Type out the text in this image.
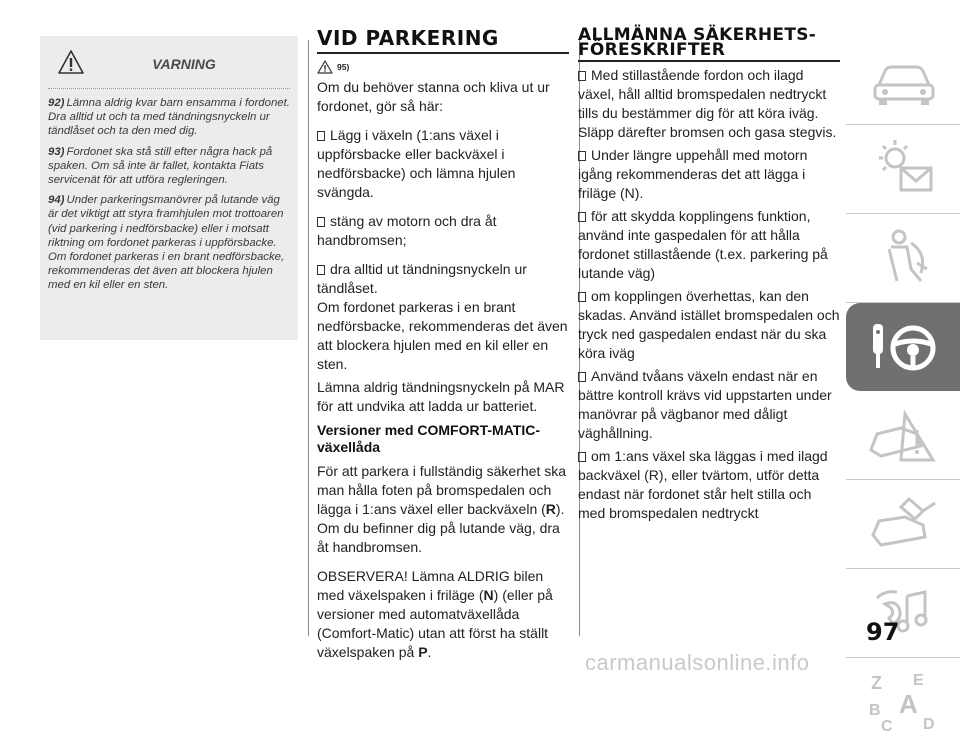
VARNING
92) Lämna aldrig kvar barn ensamma i fordonet. Dra alltid ut och ta med tändningsnyckeln ur tändlåset och ta den med dig.
93) Fordonet ska stå still efter några hack på spaken. Om så inte är fallet, kontakta Fiats servicenät för att utföra regleringen.
94) Under parkeringsmanövrer på lutande väg är det viktigt att styra framhjulen mot trottoaren (vid parkering i nedförsbacke) eller i motsatt riktning om fordonet parkeras i uppförsbacke. Om fordonet parkeras i en brant nedförsbacke, rekommenderas det även att blockera hjulen med en kil eller en sten.
VID PARKERING
95)

Om du behöver stanna och kliva ut ur fordonet, gör så här:

Lägg i växeln (1:ans växel i uppförsbacke eller backväxel i nedförsbacke) och lämna hjulen svängda.

stäng av motorn och dra åt handbromsen;

dra alltid ut tändningsnyckeln ur tändlåset.

Om fordonet parkeras i en brant nedförsbacke, rekommenderas det även att blockera hjulen med en kil eller en sten.

Lämna aldrig tändningsnyckeln på MAR för att undvika att ladda ur batteriet.

Versioner med COMFORT-MATIC-växellåda

För att parkera i fullständig säkerhet ska man hålla foten på bromspedalen och lägga i 1:ans växel eller backväxeln (R). Om du befinner dig på lutande väg, dra åt handbromsen.

OBSERVERA! Lämna ALDRIG bilen med växelspaken i friläge (N) (eller på versioner med automatväxellåda (Comfort-Matic) utan att först ha ställt växelspaken på P.

ALLMÄNNA SÄKERHETS-FÖRESKRIFTER

Med stillastående fordon och ilagd växel, håll alltid bromspedalen nedtryckt tills du bestämmer dig för att köra iväg. Släpp därefter bromsen och gasa stegvis.

Under längre uppehåll med motorn igång rekommenderas det att lägga i friläge (N).

för att skydda kopplingens funktion, använd inte gaspedalen för att hålla fordonet stillastående (t.ex. parkering på lutande väg)

om kopplingen överhettas, kan den skadas. Använd istället bromspedalen och tryck ned gaspedalen endast när du ska köra iväg

Använd tvåans växeln endast när en bättre kontroll krävs vid uppstarten under manövrar på vägbanor med dåligt väghållning.

om 1:ans växel ska läggas i med ilagd backväxel (R), eller tvärtom, utför detta endast när fordonet står helt stilla och med bromspedalen nedtryckt

Z E
A
B
C D
97
carmanualsonline.info
